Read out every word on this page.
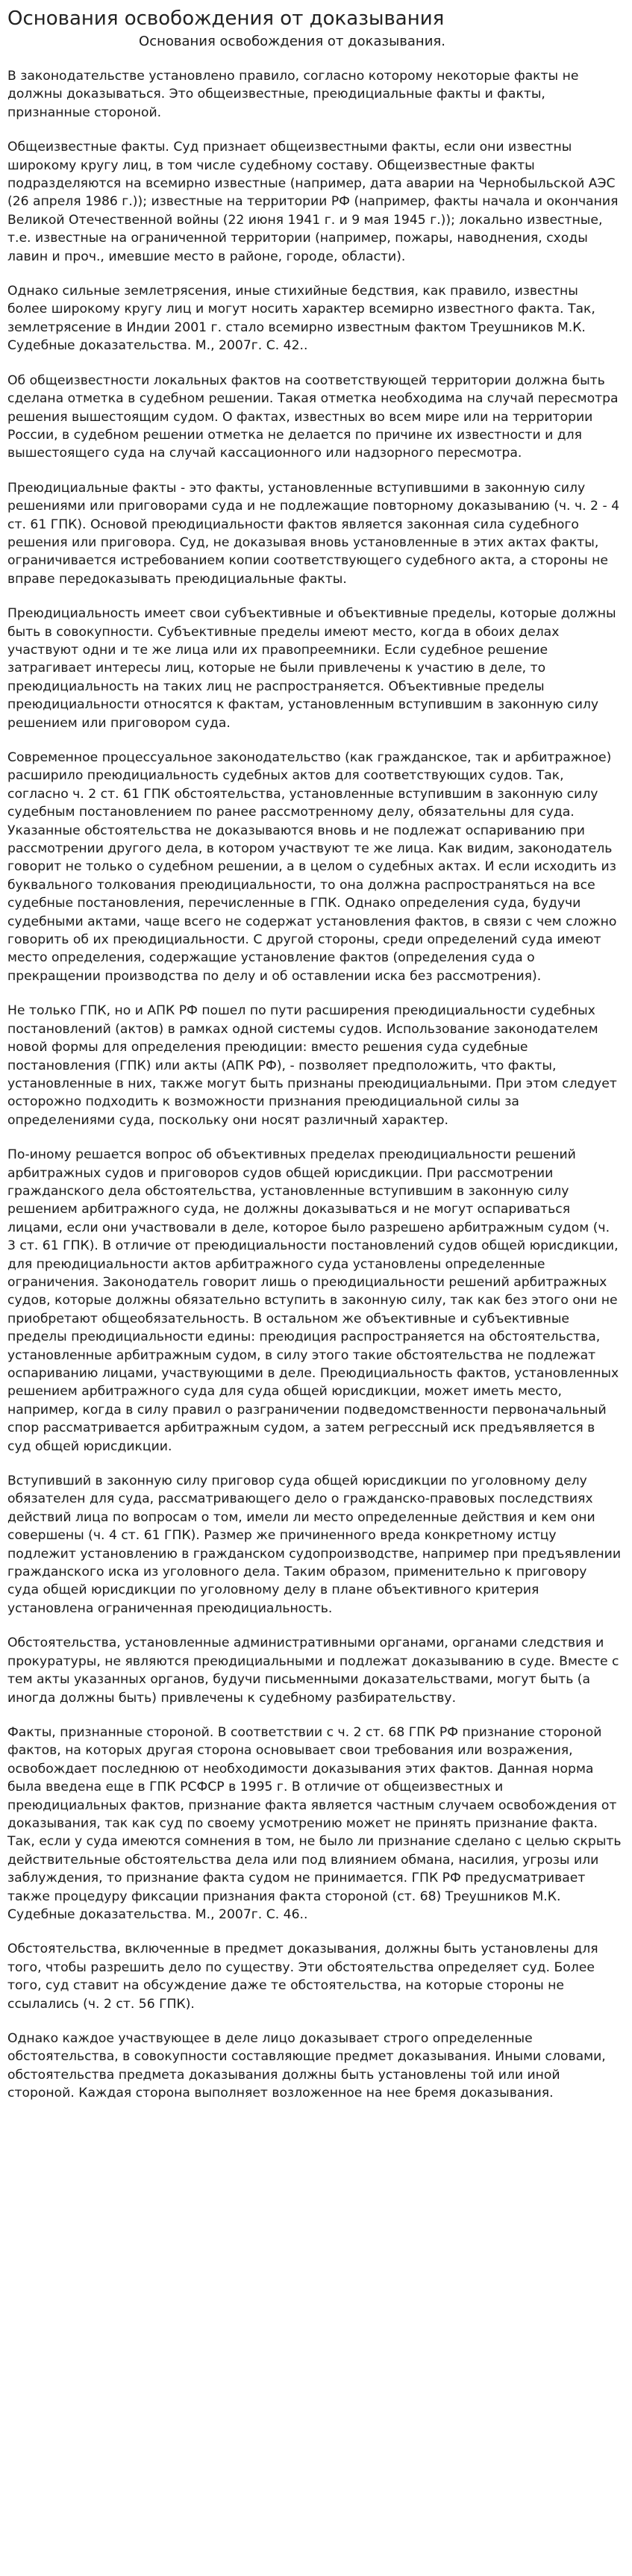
Основания освобождения от доказывания
Основания освобождения от доказывания.

В законодательстве установлено правило, согласно которому некоторые факты не должны доказываться. Это общеизвестные, преюдициальные факты и факты, признанные стороной.

Общеизвестные факты. Суд признает общеизвестными факты, если они известны широкому кругу лиц, в том числе судебному составу. Общеизвестные факты подразделяются на всемирно известные (например, дата аварии на Чернобыльской АЭС (26 апреля 1986 г.)); известные на территории РФ (например, факты начала и окончания Великой Отечественной войны (22 июня 1941 г. и 9 мая 1945 г.)); локально известные, т.е. известные на ограниченной территории (например, пожары, наводнения, сходы лавин и проч., имевшие место в районе, городе, области).

Однако сильные землетрясения, иные стихийные бедствия, как правило, известны более широкому кругу лиц и могут носить характер всемирно известного факта. Так, землетрясение в Индии 2001 г. стало всемирно известным фактом Треушников М.К. Судебные доказательства. М., 2007г. С. 42..

Об общеизвестности локальных фактов на соответствующей территории должна быть сделана отметка в судебном решении. Такая отметка необходима на случай пересмотра решения вышестоящим судом. О фактах, известных во всем мире или на территории России, в судебном решении отметка не делается по причине их известности и для вышестоящего суда на случай кассационного или надзорного пересмотра.

Преюдициальные факты - это факты, установленные вступившими в законную силу решениями или приговорами суда и не подлежащие повторному доказыванию (ч. ч. 2 - 4 ст. 61 ГПК). Основой преюдициальности фактов является законная сила судебного решения или приговора. Суд, не доказывая вновь установленные в этих актах факты, ограничивается истребованием копии соответствующего судебного акта, а стороны не вправе передоказывать преюдициальные факты.

Преюдициальность имеет свои субъективные и объективные пределы, которые должны быть в совокупности. Субъективные пределы имеют место, когда в обоих делах участвуют одни и те же лица или их правопреемники. Если судебное решение затрагивает интересы лиц, которые не были привлечены к участию в деле, то преюдициальность на таких лиц не распространяется. Объективные пределы преюдициальности относятся к фактам, установленным вступившим в законную силу решением или приговором суда.

Современное процессуальное законодательство (как гражданское, так и арбитражное) расширило преюдициальность судебных актов для соответствующих судов. Так, согласно ч. 2 ст. 61 ГПК обстоятельства, установленные вступившим в законную силу судебным постановлением по ранее рассмотренному делу, обязательны для суда. Указанные обстоятельства не доказываются вновь и не подлежат оспариванию при рассмотрении другого дела, в котором участвуют те же лица. Как видим, законодатель говорит не только о судебном решении, а в целом о судебных актах. И если исходить из буквального толкования преюдициальности, то она должна распространяться на все судебные постановления, перечисленные в ГПК. Однако определения суда, будучи судебными актами, чаще всего не содержат установления фактов, в связи с чем сложно говорить об их преюдициальности. С другой стороны, среди определений суда имеют место определения, содержащие установление фактов (определения суда о прекращении производства по делу и об оставлении иска без рассмотрения).

Не только ГПК, но и АПК РФ пошел по пути расширения преюдициальности судебных постановлений (актов) в рамках одной системы судов. Использование законодателем новой формы для определения преюдиции: вместо решения суда судебные постановления (ГПК) или акты (АПК РФ), - позволяет предположить, что факты, установленные в них, также могут быть признаны преюдициальными. При этом следует осторожно подходить к возможности признания преюдициальной силы за определениями суда, поскольку они носят различный характер.

По-иному решается вопрос об объективных пределах преюдициальности решений арбитражных судов и приговоров судов общей юрисдикции. При рассмотрении гражданского дела обстоятельства, установленные вступившим в законную силу решением арбитражного суда, не должны доказываться и не могут оспариваться лицами, если они участвовали в деле, которое было разрешено арбитражным судом (ч. 3 ст. 61 ГПК). В отличие от преюдициальности постановлений судов общей юрисдикции, для преюдициальности актов арбитражного суда установлены определенные ограничения. Законодатель говорит лишь о преюдициальности решений арбитражных судов, которые должны обязательно вступить в законную силу, так как без этого они не приобретают общеобязательность. В остальном же объективные и субъективные пределы преюдициальности едины: преюдиция распространяется на обстоятельства, установленные арбитражным судом, в силу этого такие обстоятельства не подлежат оспариванию лицами, участвующими в деле. Преюдициальность фактов, установленных решением арбитражного суда для суда общей юрисдикции, может иметь место, например, когда в силу правил о разграничении подведомственности первоначальный спор рассматривается арбитражным судом, а затем регрессный иск предъявляется в суд общей юрисдикции.

Вступивший в законную силу приговор суда общей юрисдикции по уголовному делу обязателен для суда, рассматривающего дело о гражданско-правовых последствиях действий лица по вопросам о том, имели ли место определенные действия и кем они совершены (ч. 4 ст. 61 ГПК). Размер же причиненного вреда конкретному истцу подлежит установлению в гражданском судопроизводстве, например при предъявлении гражданского иска из уголовного дела. Таким образом, применительно к приговору суда общей юрисдикции по уголовному делу в плане объективного критерия установлена ограниченная преюдициальность.

Обстоятельства, установленные административными органами, органами следствия и прокуратуры, не являются преюдициальными и подлежат доказыванию в суде. Вместе с тем акты указанных органов, будучи письменными доказательствами, могут быть (а иногда должны быть) привлечены к судебному разбирательству.

Факты, признанные стороной. В соответствии с ч. 2 ст. 68 ГПК РФ признание стороной фактов, на которых другая сторона основывает свои требования или возражения, освобождает последнюю от необходимости доказывания этих фактов. Данная норма была введена еще в ГПК РСФСР в 1995 г. В отличие от общеизвестных и преюдициальных фактов, признание факта является частным случаем освобождения от доказывания, так как суд по своему усмотрению может не принять признание факта. Так, если у суда имеются сомнения в том, не было ли признание сделано с целью скрыть действительные обстоятельства дела или под влиянием обмана, насилия, угрозы или заблуждения, то признание факта судом не принимается. ГПК РФ предусматривает также процедуру фиксации признания факта стороной (ст. 68) Треушников М.К. Судебные доказательства. М., 2007г. С. 46..

Обстоятельства, включенные в предмет доказывания, должны быть установлены для того, чтобы разрешить дело по существу. Эти обстоятельства определяет суд. Более того, суд ставит на обсуждение даже те обстоятельства, на которые стороны не ссылались (ч. 2 ст. 56 ГПК).

Однако каждое участвующее в деле лицо доказывает строго определенные обстоятельства, в совокупности составляющие предмет доказывания. Иными словами, обстоятельства предмета доказывания должны быть установлены той или иной стороной. Каждая сторона выполняет возложенное на нее бремя доказывания.
